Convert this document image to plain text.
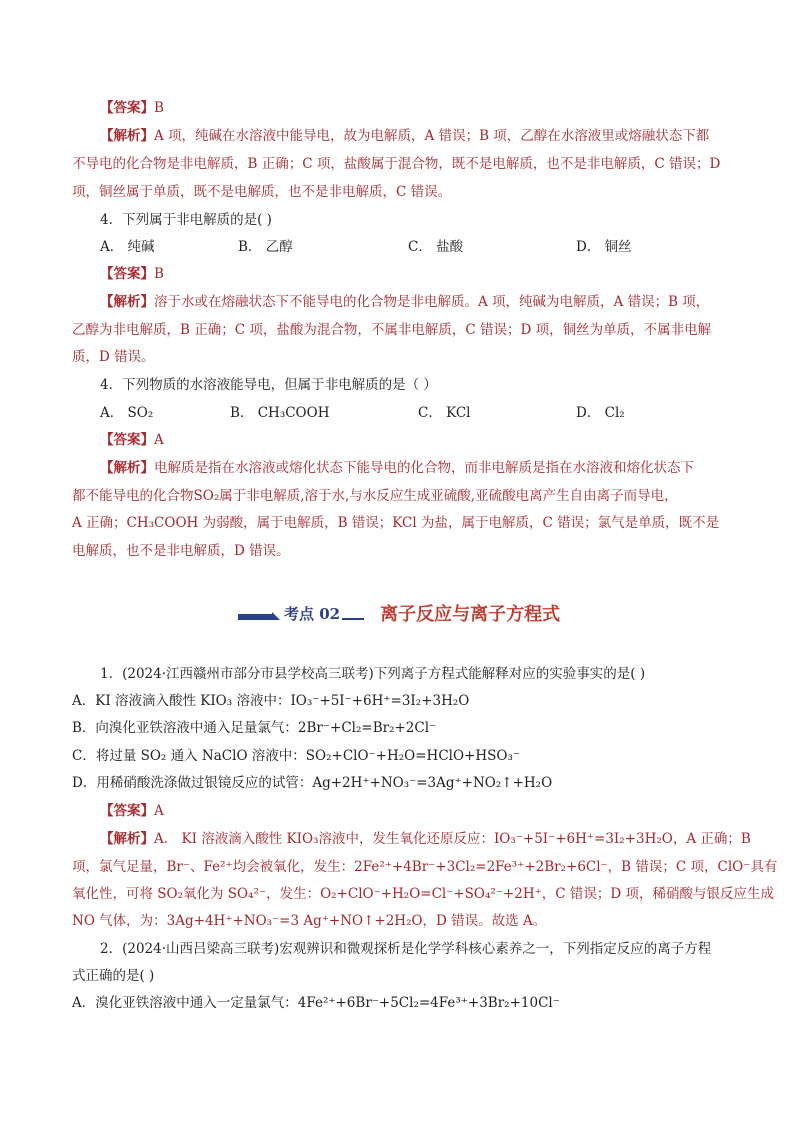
【答案】B
【解析】A 项，纯碱在水溶液中能导电，故为电解质，A 错误；B 项，乙醇在水溶液里或熔融状态下都
不导电的化合物是非电解质，B 正确；C 项，盐酸属于混合物，既不是电解质，也不是非电解质，C 错误；D
项，铜丝属于单质，既不是电解质，也不是非电解质，C 错误。
4．下列属于非电解质的是( )
A． 纯碱	B． 乙醇	C． 盐酸	D． 铜丝
【答案】B
【解析】溶于水或在熔融状态下不能导电的化合物是非电解质。A 项，纯碱为电解质，A 错误；B 项，
乙醇为非电解质，B 正确；C 项，盐酸为混合物，不属非电解质，C 错误；D 项，铜丝为单质，不属非电解
质，D 错误。
4．下列物质的水溶液能导电，但属于非电解质的是（ ）
A． SO₂	B． CH₃COOH	C． KCl	D． Cl₂
【答案】A
【解析】电解质是指在水溶液或熔化状态下能导电的化合物，而非电解质是指在水溶液和熔化状态下
都不能导电的化合物SO₂属于非电解质,溶于水,与水反应生成亚硫酸,亚硫酸电离产生自由离子而导电，
A 正确；CH₃COOH 为弱酸，属于电解质，B 错误；KCl 为盐，属于电解质，C 错误；氯气是单质，既不是
电解质，也不是非电解质，D 错误。
考点 02 离子反应与离子方程式
1．(2024·江西赣州市部分市县学校高三联考)下列离子方程式能解释对应的实验事实的是( )
A．KI 溶液滴入酸性 KIO₃ 溶液中：IO₃⁻+5I⁻+6H⁺=3I₂+3H₂O
B．向溴化亚铁溶液中通入足量氯气：2Br⁻+Cl₂=Br₂+2Cl⁻
C．将过量 SO₂ 通入 NaClO 溶液中：SO₂+ClO⁻+H₂O=HClO+HSO₃⁻
D．用稀硝酸洗涤做过银镜反应的试管：Ag+2H⁺+NO₃⁻=3Ag⁺+NO₂↑+H₂O
【答案】A
【解析】A． KI 溶液滴入酸性 KIO₃溶液中，发生氧化还原反应：IO₃⁻+5I⁻+6H⁺=3I₂+3H₂O，A 正确；B
项，氯气足量，Br⁻、Fe²⁺均会被氧化，发生：2Fe²⁺+4Br⁻+3Cl₂=2Fe³⁺+2Br₂+6Cl⁻，B 错误；C 项，ClO⁻具有
氧化性，可将 SO₂氧化为 SO₄²⁻，发生：O₂+ClO⁻+H₂O=Cl⁻+SO₄²⁻+2H⁺，C 错误；D 项，稀硝酸与银反应生成
NO 气体，为：3Ag+4H⁺+NO₃⁻=3 Ag⁺+NO↑+2H₂O，D 错误。故选 A。
2．(2024·山西吕梁高三联考)宏观辨识和微观探析是化学学科核心素养之一，下列指定反应的离子方程
式正确的是( )
A．溴化亚铁溶液中通入一定量氯气：4Fe²⁺+6Br⁻+5Cl₂=4Fe³⁺+3Br₂+10Cl⁻
